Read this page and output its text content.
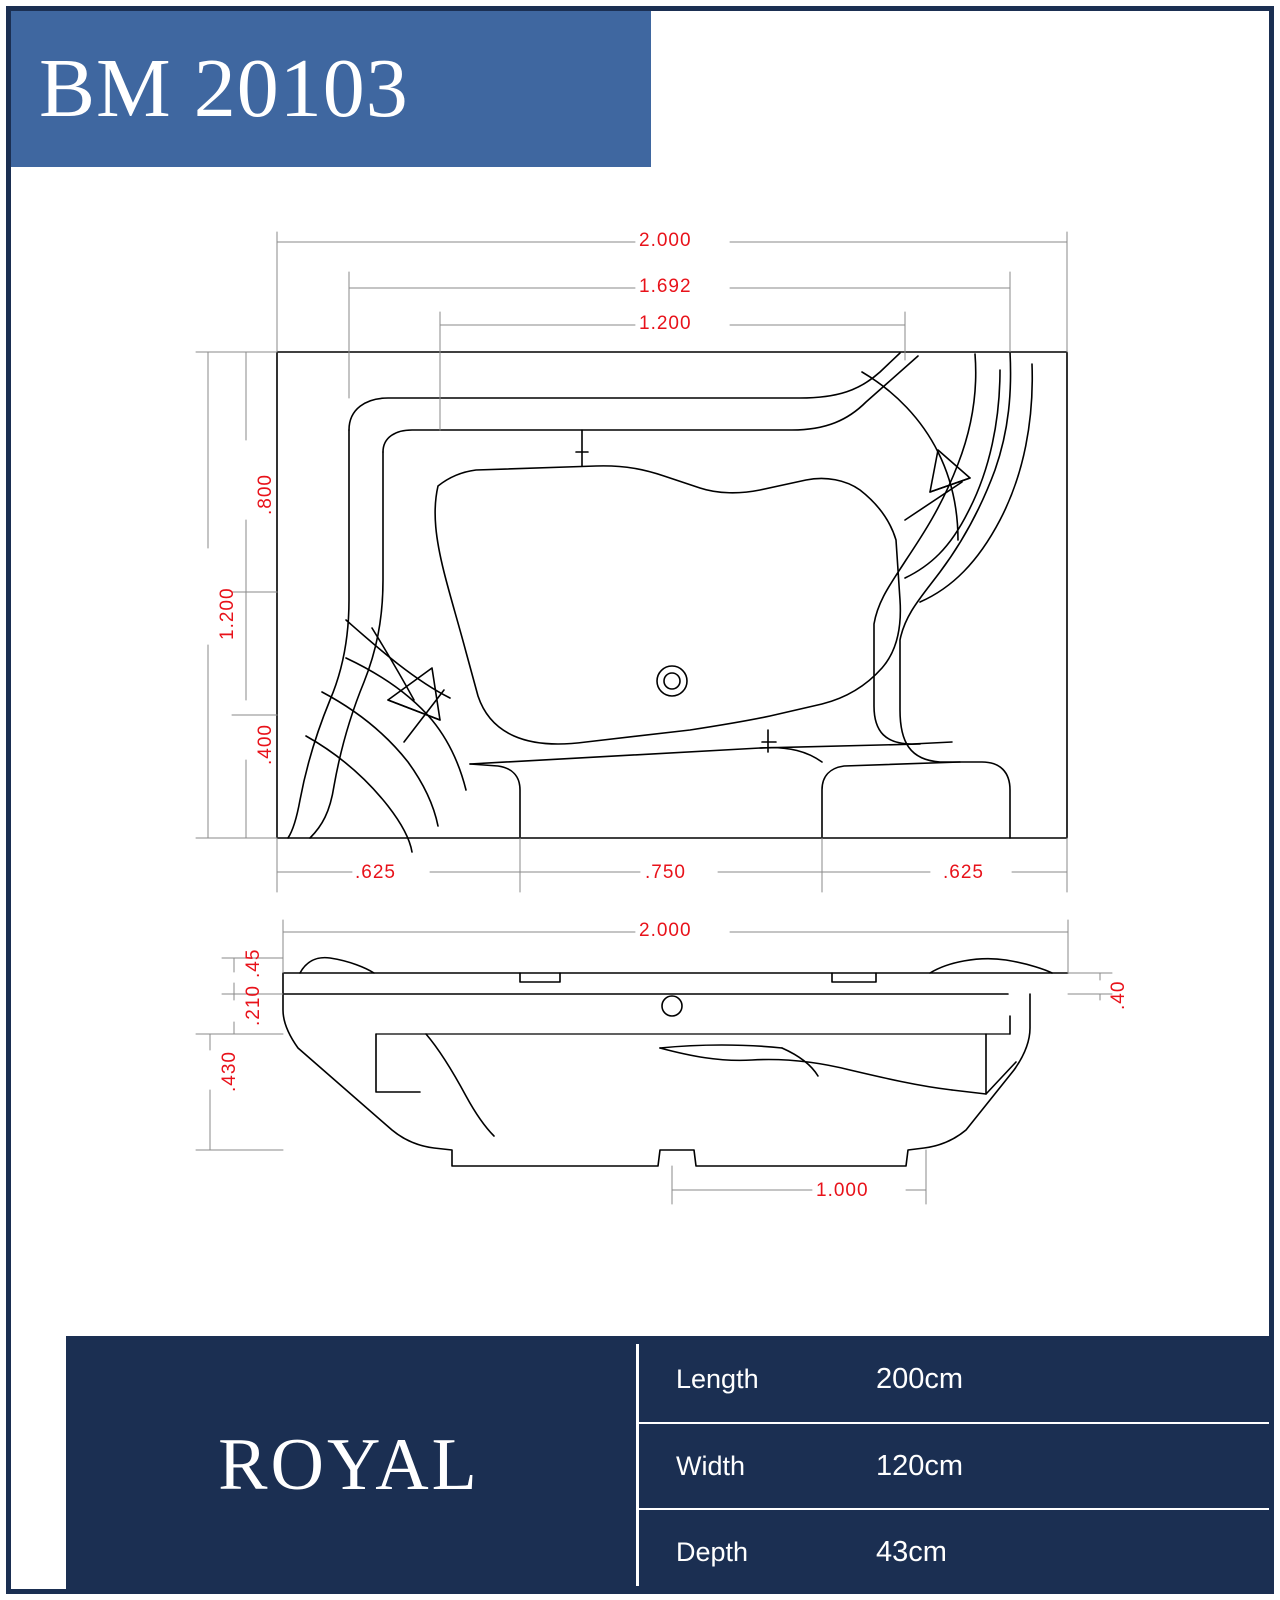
BM 20103
2.000
1.692
1.200
1.200
.800
.400
.625	.750	.625
2.000
.45
.210
.430
.40
1.000
ROYAL
Length	200cm
Width	120cm
Depth	43cm
